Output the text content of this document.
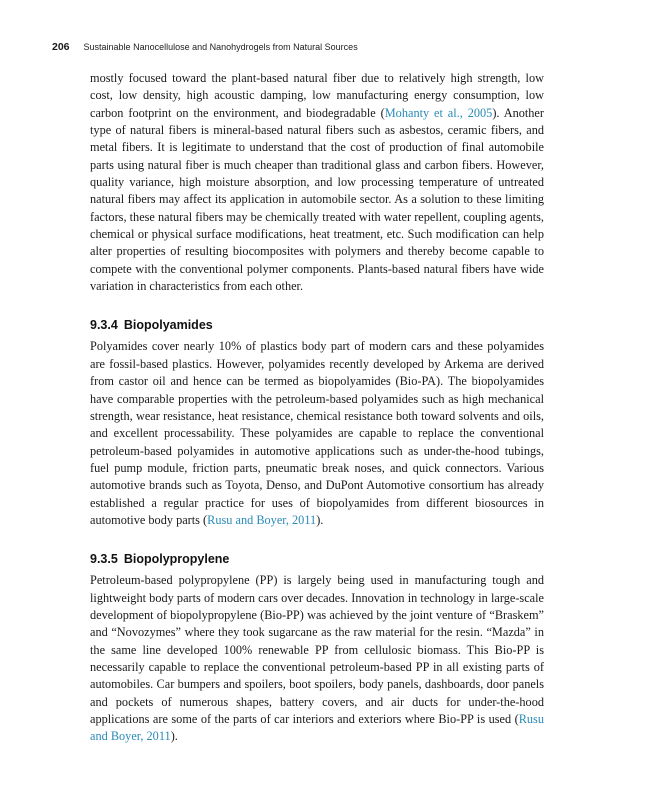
206 Sustainable Nanocellulose and Nanohydrogels from Natural Sources

mostly focused toward the plant-based natural fiber due to relatively high strength, low cost, low density, high acoustic damping, low manufacturing energy consumption, low carbon footprint on the environment, and biodegradable (Mohanty et al., 2005). Another type of natural fibers is mineral-based natural fibers such as asbestos, ceramic fibers, and metal fibers. It is legitimate to understand that the cost of production of final automobile parts using natural fiber is much cheaper than traditional glass and carbon fibers. However, quality variance, high moisture absorption, and low processing temperature of untreated natural fibers may affect its application in automobile sector. As a solution to these limiting factors, these natural fibers may be chemically treated with water repellent, coupling agents, chemical or physical surface modifications, heat treatment, etc. Such modification can help alter properties of resulting biocomposites with polymers and thereby become capable to compete with the conventional polymer components. Plants-based natural fibers have wide variation in characteristics from each other.

9.3.4 Biopolyamides

Polyamides cover nearly 10% of plastics body part of modern cars and these polyamides are fossil-based plastics. However, polyamides recently developed by Arkema are derived from castor oil and hence can be termed as biopolyamides (Bio-PA). The biopolyamides have comparable properties with the petroleum-based polyamides such as high mechanical strength, wear resistance, heat resistance, chemical resistance both toward solvents and oils, and excellent processability. These polyamides are capable to replace the conventional petroleum-based polyamides in automotive applications such as under-the-hood tubings, fuel pump module, friction parts, pneumatic break noses, and quick connectors. Various automotive brands such as Toyota, Denso, and DuPont Automotive consortium has already established a regular practice for uses of biopolyamides from different biosources in automotive body parts (Rusu and Boyer, 2011).

9.3.5 Biopolypropylene

Petroleum-based polypropylene (PP) is largely being used in manufacturing tough and lightweight body parts of modern cars over decades. Innovation in technology in large-scale development of biopolypropylene (Bio-PP) was achieved by the joint venture of “Braskem” and “Novozymes” where they took sugarcane as the raw material for the resin. “Mazda” in the same line developed 100% renewable PP from cellulosic biomass. This Bio-PP is necessarily capable to replace the conventional petroleum-based PP in all existing parts of automobiles. Car bumpers and spoilers, boot spoilers, body panels, dashboards, door panels and pockets of numerous shapes, battery covers, and air ducts for under-the-hood applications are some of the parts of car interiors and exteriors where Bio-PP is used (Rusu and Boyer, 2011).
